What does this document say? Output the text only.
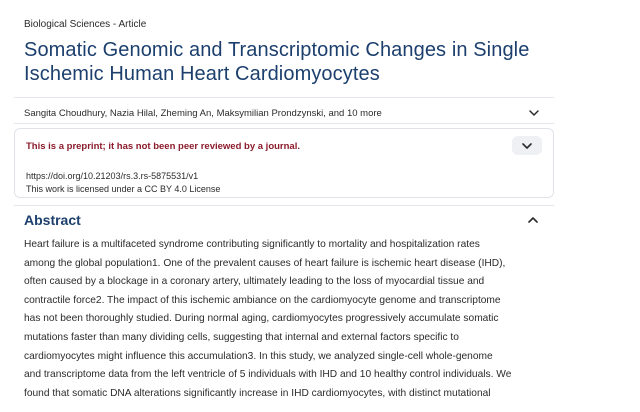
Biological Sciences - Article
Somatic Genomic and Transcriptomic Changes in Single Ischemic Human Heart Cardiomyocytes
Sangita Choudhury, Nazia Hilal, Zheming An, Maksymilian Prondzynski, and 10 more
This is a preprint; it has not been peer reviewed by a journal.
https://doi.org/10.21203/rs.3.rs-5875531/v1
This work is licensed under a CC BY 4.0 License
Abstract
Heart failure is a multifaceted syndrome contributing significantly to mortality and hospitalization rates
among the global population1. One of the prevalent causes of heart failure is ischemic heart disease (IHD),
often caused by a blockage in a coronary artery, ultimately leading to the loss of myocardial tissue and
contractile force2. The impact of this ischemic ambiance on the cardiomyocyte genome and transcriptome
has not been thoroughly studied. During normal aging, cardiomyocytes progressively accumulate somatic
mutations faster than many dividing cells, suggesting that internal and external factors specific to
cardiomyocytes might influence this accumulation3. In this study, we analyzed single-cell whole-genome
and transcriptome data from the left ventricle of 5 individuals with IHD and 10 healthy control individuals. We
found that somatic DNA alterations significantly increase in IHD cardiomyocytes, with distinct mutational
